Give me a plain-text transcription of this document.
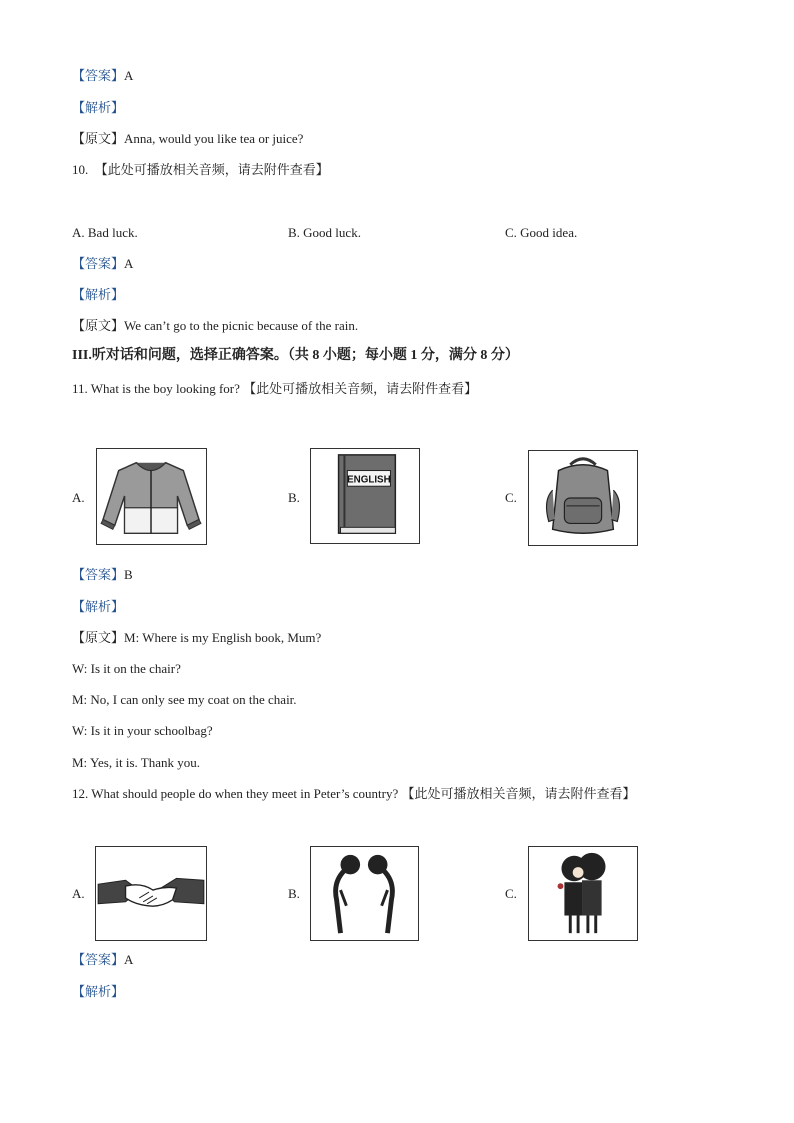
【答案】A
【解析】
【原文】Anna, would you like tea or juice?
10.　【此处可播放相关音频，请去附件查看】
A. Bad luck.	B. Good luck.	C. Good idea.
【答案】A
【解析】
【原文】We can’t go to the picnic because of the rain.
III.听对话和问题，选择正确答案。（共 8 小题；每小题 1 分，满分 8 分）
11. What is the boy looking for? 【此处可播放相关音频，请去附件查看】
A.	B.
ENGLISH
C.
【答案】B
【解析】
【原文】M: Where is my English book, Mum?
W: Is it on the chair?
M: No, I can only see my coat on the chair.
W: Is it in your schoolbag?
M: Yes, it is. Thank you.
12. What should people do when they meet in Peter’s country? 【此处可播放相关音频，请去附件查看】
A.	B.	C.
【答案】A
【解析】
